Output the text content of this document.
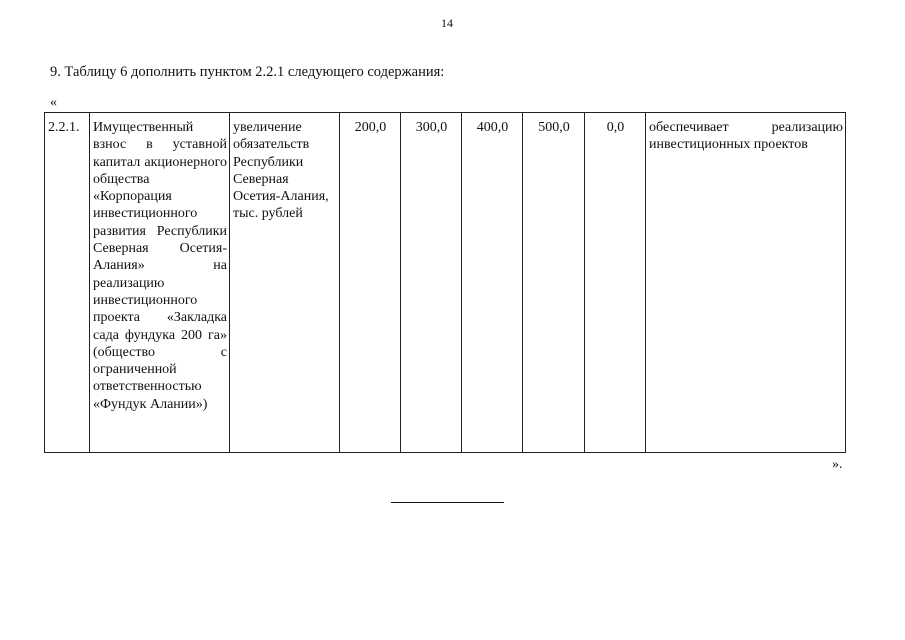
14
9. Таблицу 6 дополнить пунктом 2.2.1 следующего содержания:
«
2.2.1.	Имущественный взнос в уставной капитал акционерного общества «Корпорация инвестиционного развития Республики Северная Осетия-Алания» на реализацию инвестиционного проекта «Закладка сада фундука 200 га» (общество с ограниченной ответственностью «Фундук Алании»)	увеличение обязательств Республики Северная Осетия-Алания, тыс. рублей	200,0	300,0	400,0	500,0	0,0	обеспечивает реализацию инвестиционных проектов
».
